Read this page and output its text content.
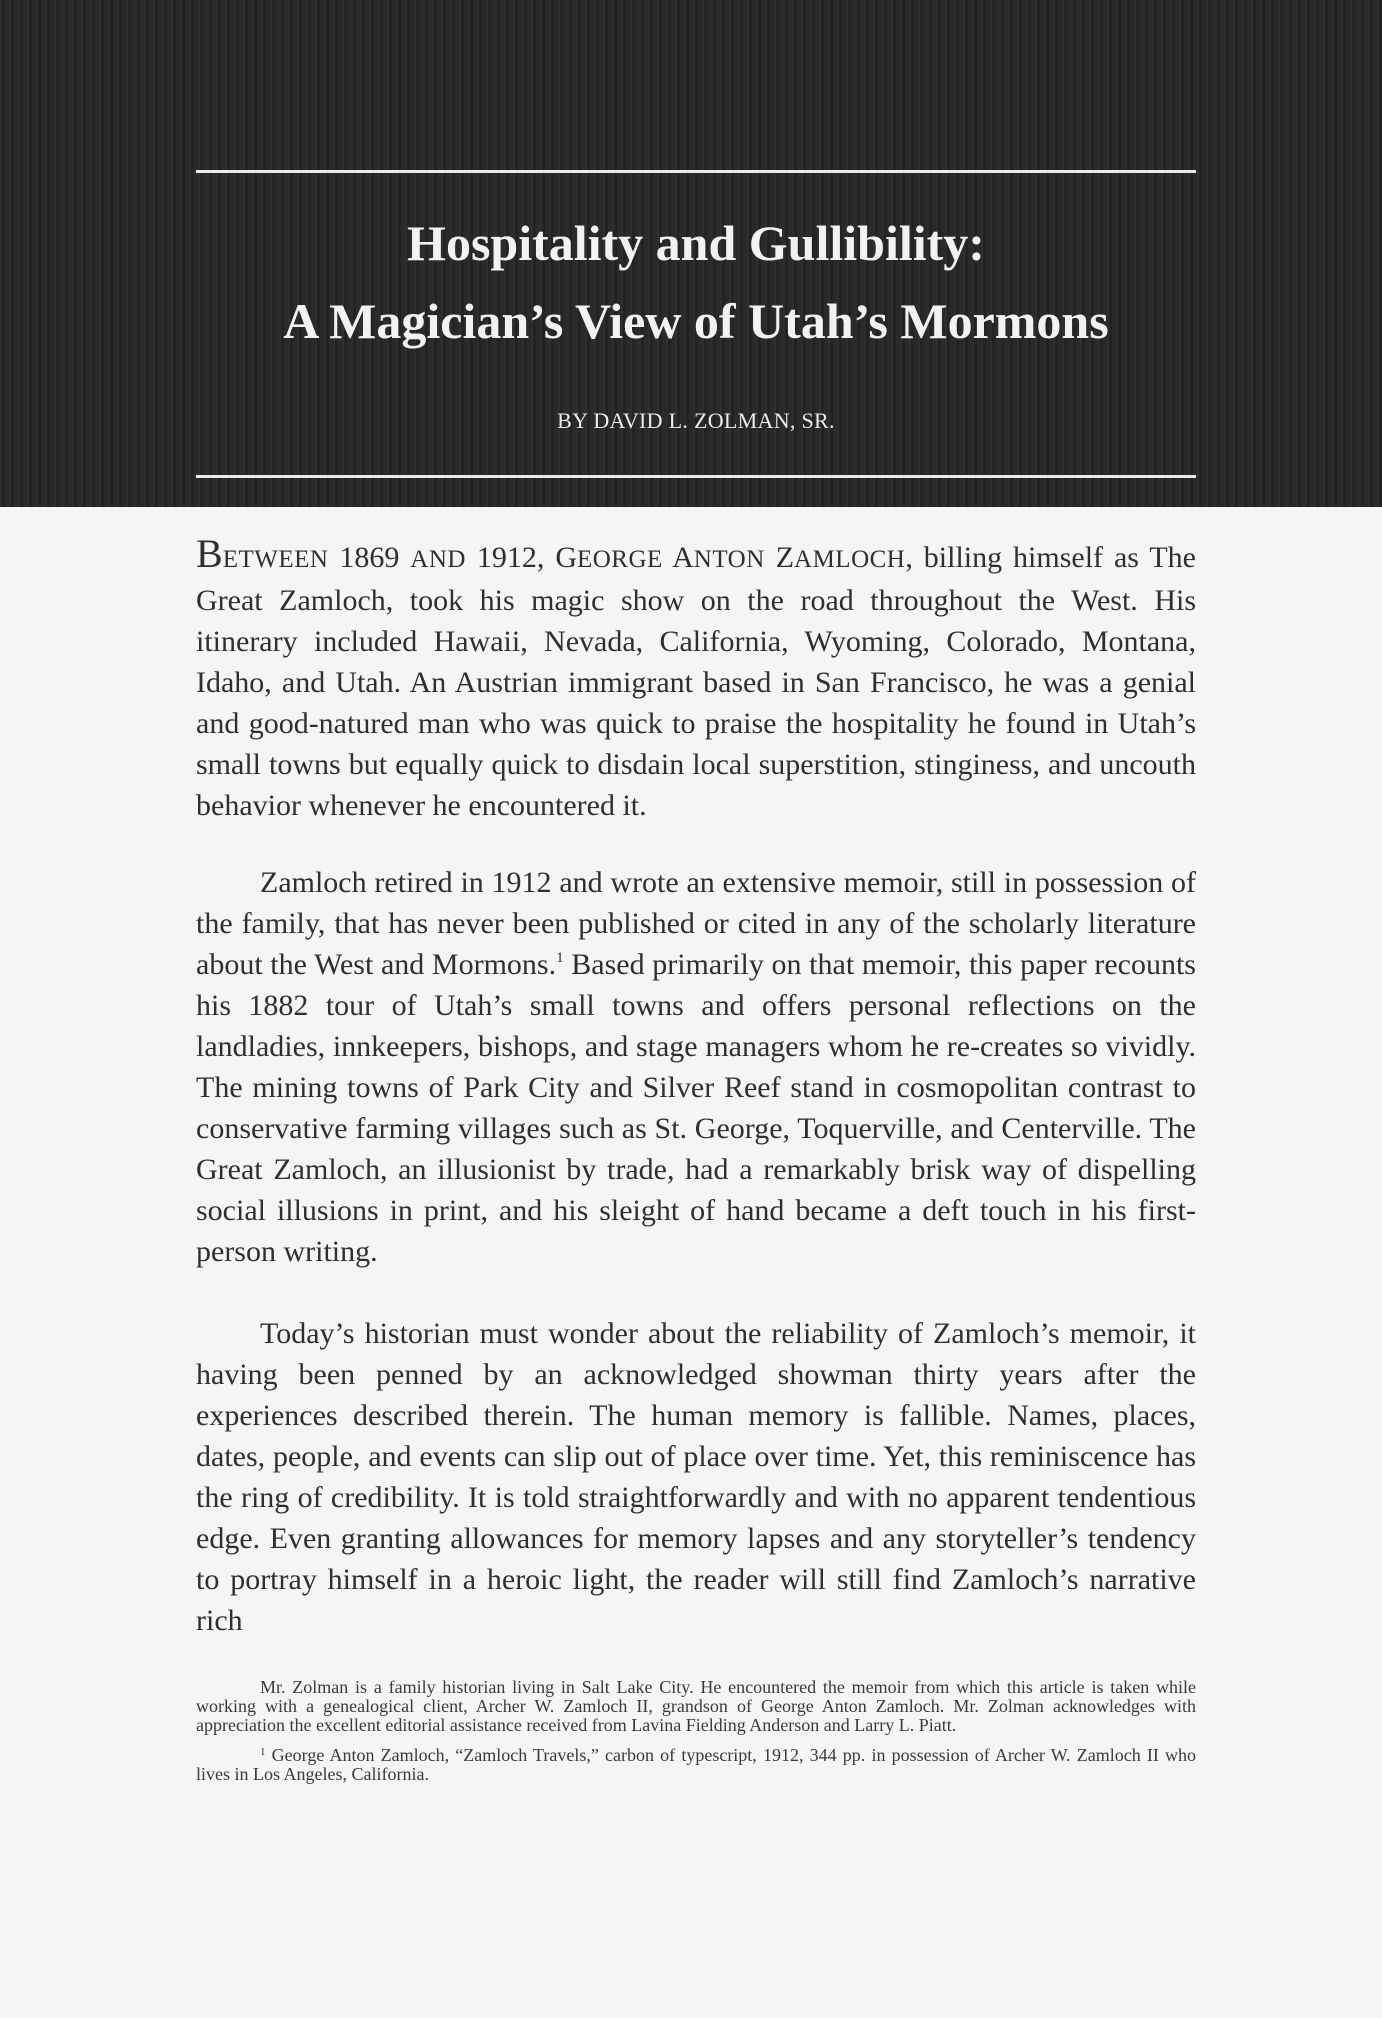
Hospitality and Gullibility:
A Magician’s View of Utah’s Mormons
BY DAVID L. ZOLMAN, SR.

BETWEEN 1869 AND 1912, GEORGE ANTON ZAMLOCH, billing himself as The Great Zamloch, took his magic show on the road throughout the West. His itinerary included Hawaii, Nevada, California, Wyoming, Colorado, Montana, Idaho, and Utah. An Austrian immigrant based in San Francisco, he was a genial and good-natured man who was quick to praise the hospitality he found in Utah’s small towns but equally quick to disdain local superstition, stinginess, and uncouth behavior whenever he encountered it.

Zamloch retired in 1912 and wrote an extensive memoir, still in possession of the family, that has never been published or cited in any of the scholarly literature about the West and Mormons.$^1$ Based primarily on that memoir, this paper recounts his 1882 tour of Utah’s small towns and offers personal reflections on the landladies, innkeepers, bishops, and stage managers whom he re-creates so vividly. The mining towns of Park City and Silver Reef stand in cosmopolitan contrast to conservative farming villages such as St. George, Toquerville, and Centerville. The Great Zamloch, an illusionist by trade, had a remarkably brisk way of dispelling social illusions in print, and his sleight of hand became a deft touch in his first-person writing.

Today’s historian must wonder about the reliability of Zamloch’s memoir, it having been penned by an acknowledged showman thirty years after the experiences described therein. The human memory is fallible. Names, places, dates, people, and events can slip out of place over time. Yet, this reminiscence has the ring of credibility. It is told straightforwardly and with no apparent tendentious edge. Even granting allowances for memory lapses and any storyteller’s tendency to portray himself in a heroic light, the reader will still find Zamloch’s narrative rich

Mr. Zolman is a family historian living in Salt Lake City. He encountered the memoir from which this article is taken while working with a genealogical client, Archer W. Zamloch II, grandson of George Anton Zamloch. Mr. Zolman acknowledges with appreciation the excellent editorial assistance received from Lavina Fielding Anderson and Larry L. Piatt.

$^1$ George Anton Zamloch, “Zamloch Travels,” carbon of typescript, 1912, 344 pp. in possession of Archer W. Zamloch II who lives in Los Angeles, California.
